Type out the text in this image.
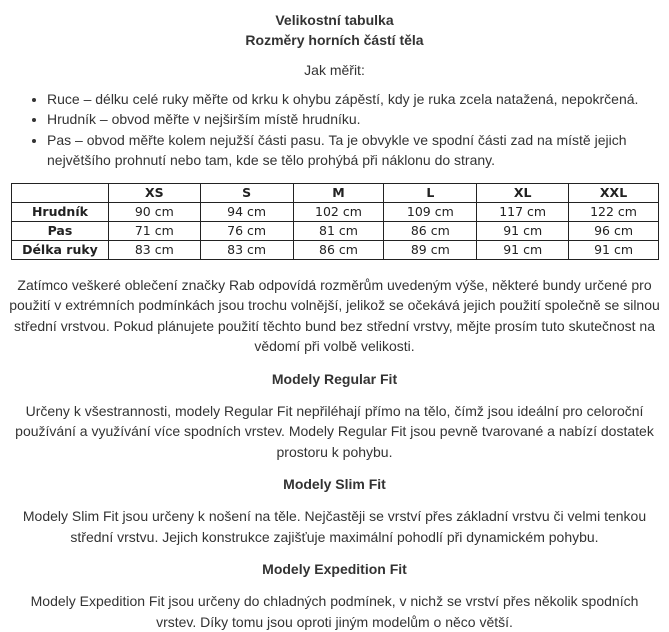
Velikostní tabulka

Rozměry horních částí těla

Jak měřit:

• Ruce – délku celé ruky měřte od krku k ohybu zápěstí, kdy je ruka zcela natažená, nepokrčená.
• Hrudník – obvod měřte v nejširším místě hrudníku.
• Pas – obvod měřte kolem nejužší části pasu. Ta je obvykle ve spodní části zad na místě jejich největšího prohnutí nebo tam, kde se tělo prohýbá při náklonu do strany.
	XS	S	M	L	XL	XXL
Hrudník	90 cm	94 cm	102 cm	109 cm	117 cm	122 cm
Pas	71 cm	76 cm	81 cm	86 cm	91 cm	96 cm
Délka ruky	83 cm	83 cm	86 cm	89 cm	91 cm	91 cm

Zatímco veškeré oblečení značky Rab odpovídá rozměrům uvedeným výše, některé bundy určené pro použití v extrémních podmínkách jsou trochu volnější, jelikož se očekává jejich použití společně se silnou střední vrstvou. Pokud plánujete použití těchto bund bez střední vrstvy, mějte prosím tuto skutečnost na vědomí při volbě velikosti.

Modely Regular Fit

Určeny k všestrannosti, modely Regular Fit nepřiléhají přímo na tělo, čímž jsou ideální pro celoroční používání a využívání více spodních vrstev. Modely Regular Fit jsou pevně tvarované a nabízí dostatek prostoru k pohybu.

Modely Slim Fit

Modely Slim Fit jsou určeny k nošení na těle. Nejčastěji se vrství přes základní vrstvu či velmi tenkou střední vrstvu. Jejich konstrukce zajišťuje maximální pohodlí při dynamickém pohybu.

Modely Expedition Fit

Modely Expedition Fit jsou určeny do chladných podmínek, v nichž se vrství přes několik spodních vrstev. Díky tomu jsou oproti jiným modelům o něco větší.
